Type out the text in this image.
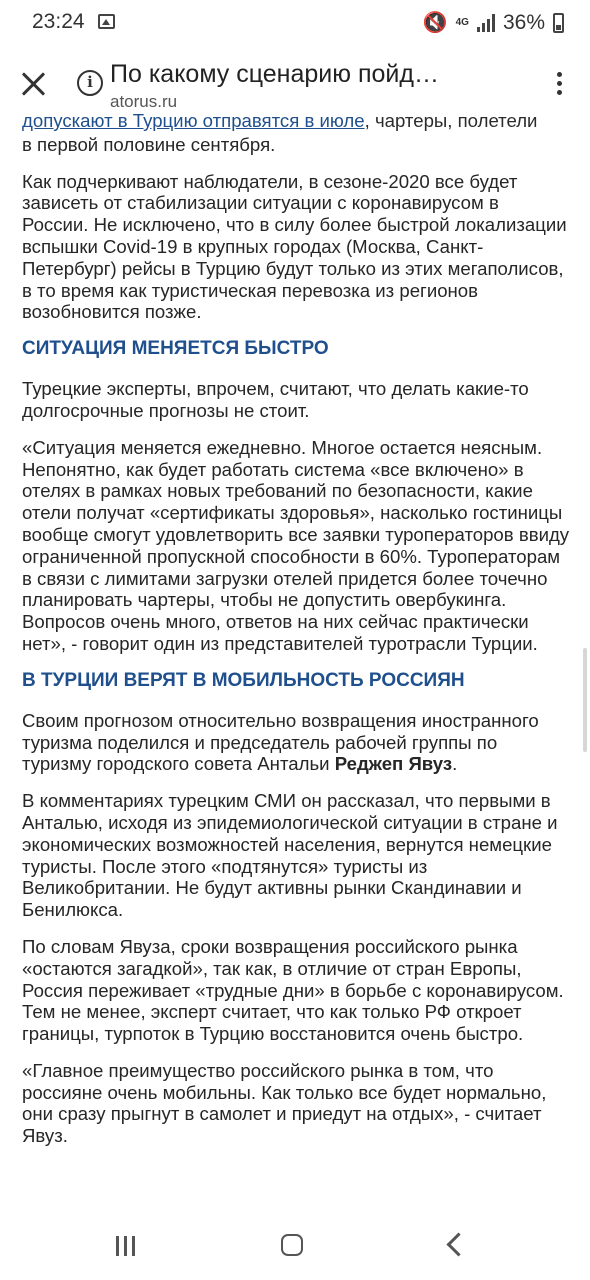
23:24	🔇 4G 36%
i По какому сценарию пойд…
atorus.ru
допускают в Турцию отправятся в июле, чартеры, полетели

в первой половине сентября.

Как подчеркивают наблюдатели, в сезоне-2020 все будет зависеть от стабилизации ситуации с коронавирусом в России. Не исключено, что в силу более быстрой локализации вспышки Covid-19 в крупных городах (Москва, Санкт-Петербург) рейсы в Турцию будут только из этих мегаполисов, в то время как туристическая перевозка из регионов возобновится позже.

СИТУАЦИЯ МЕНЯЕТСЯ БЫСТРО

Турецкие эксперты, впрочем, считают, что делать какие-то долгосрочные прогнозы не стоит.

«Ситуация меняется ежедневно. Многое остается неясным. Непонятно, как будет работать система «все включено» в отелях в рамках новых требований по безопасности, какие отели получат «сертификаты здоровья», насколько гостиницы вообще смогут удовлетворить все заявки туроператоров ввиду ограниченной пропускной способности в 60%. Туроператорам в связи с лимитами загрузки отелей придется более точечно планировать чартеры, чтобы не допустить овербукинга. Вопросов очень много, ответов на них сейчас практически нет», - говорит один из представителей туротрасли Турции.

В ТУРЦИИ ВЕРЯТ В МОБИЛЬНОСТЬ РОССИЯН

Своим прогнозом относительно возвращения иностранного туризма поделился и председатель рабочей группы по туризму городского совета Антальи Реджеп Явуз.

В комментариях турецким СМИ он рассказал, что первыми в Анталью, исходя из эпидемиологической ситуации в стране и экономических возможностей населения, вернутся немецкие туристы. После этого «подтянутся» туристы из Великобритании. Не будут активны рынки Скандинавии и Бенилюкса.

По словам Явуза, сроки возвращения российского рынка «остаются загадкой», так как, в отличие от стран Европы, Россия переживает «трудные дни» в борьбе с коронавирусом. Тем не менее, эксперт считает, что как только РФ откроет границы, турпоток в Турцию восстановится очень быстро.

«Главное преимущество российского рынка в том, что россияне очень мобильны. Как только все будет нормально, они сразу прыгнут в самолет и приедут на отдых», - считает Явуз.
